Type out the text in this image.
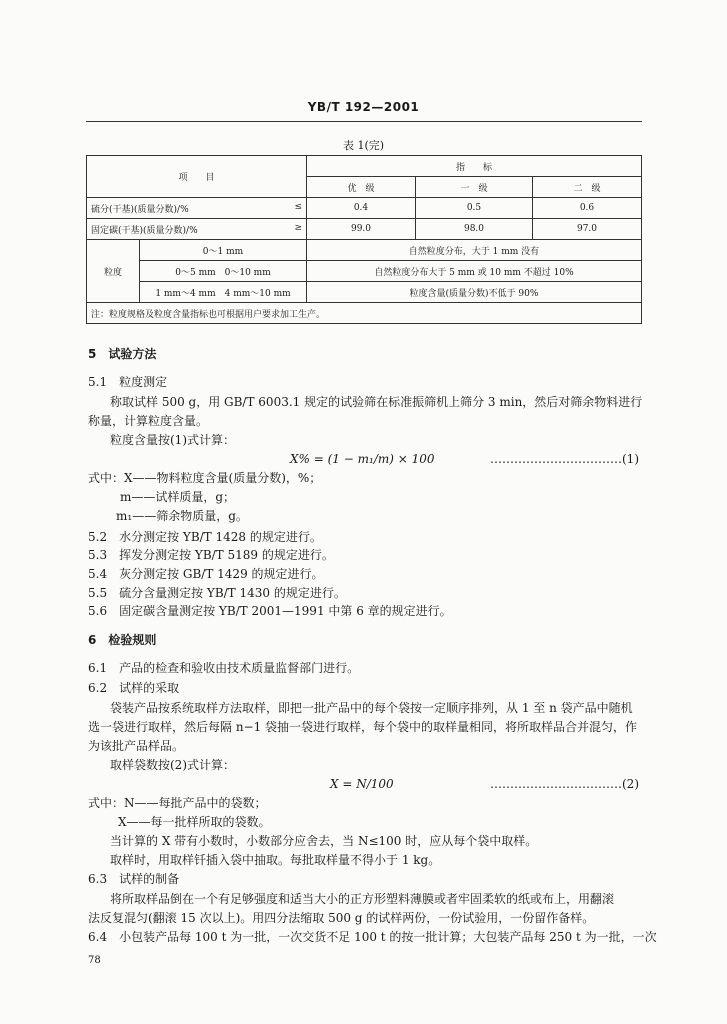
YB/T 192—2001
表 1(完)
项　　目		指　　标		
		优　级	一　级	二　级
硫分(干基)(质量分数)/% ≤		0.4	0.5	0.6
固定碳(干基)(质量分数)/% ≥		99.0	98.0	97.0
粒度	0～1 mm	自然粒度分布，大于 1 mm 没有		
	0～5 mm　0～10 mm	自然粒度分布大于 5 mm 或 10 mm 不超过 10%		
	1 mm～4 mm　4 mm～10 mm	粒度含量(质量分数)不低于 90%		
注：粒度规格及粒度含量指标也可根据用户要求加工生产。				
5　试验方法
5.1　粒度测定
称取试样 500 g，用 GB/T 6003.1 规定的试验筛在标准振筛机上筛分 3 min，然后对筛余物料进行
称量，计算粒度含量。
粒度含量按(1)式计算：
X% = (1 − m₁/m) × 100	……………………………(1)
式中：X——物料粒度含量(质量分数)，%；
m——试样质量，g；
m₁——筛余物质量，g。
5.2　水分测定按 YB/T 1428 的规定进行。
5.3　挥发分测定按 YB/T 5189 的规定进行。
5.4　灰分测定按 GB/T 1429 的规定进行。
5.5　硫分含量测定按 YB/T 1430 的规定进行。
5.6　固定碳含量测定按 YB/T 2001—1991 中第 6 章的规定进行。
6　检验规则
6.1　产品的检查和验收由技术质量监督部门进行。
6.2　试样的采取
袋装产品按系统取样方法取样，即把一批产品中的每个袋按一定顺序排列，从 1 至 n 袋产品中随机
选一袋进行取样，然后每隔 n−1 袋抽一袋进行取样，每个袋中的取样量相同，将所取样品合并混匀，作
为该批产品样品。
取样袋数按(2)式计算：
X = N/100	……………………………(2)
式中：N——每批产品中的袋数；
X——每一批样所取的袋数。
当计算的 X 带有小数时，小数部分应舍去，当 N≤100 时，应从每个袋中取样。
取样时，用取样钎插入袋中抽取。每批取样量不得小于 1 kg。
6.3　试样的制备
将所取样品倒在一个有足够强度和适当大小的正方形塑料薄膜或者牢固柔软的纸或布上，用翻滚
法反复混匀(翻滚 15 次以上)。用四分法缩取 500 g 的试样两份，一份试验用，一份留作备样。
6.4　小包装产品每 100 t 为一批，一次交货不足 100 t 的按一批计算；大包装产品每 250 t 为一批，一次
78
